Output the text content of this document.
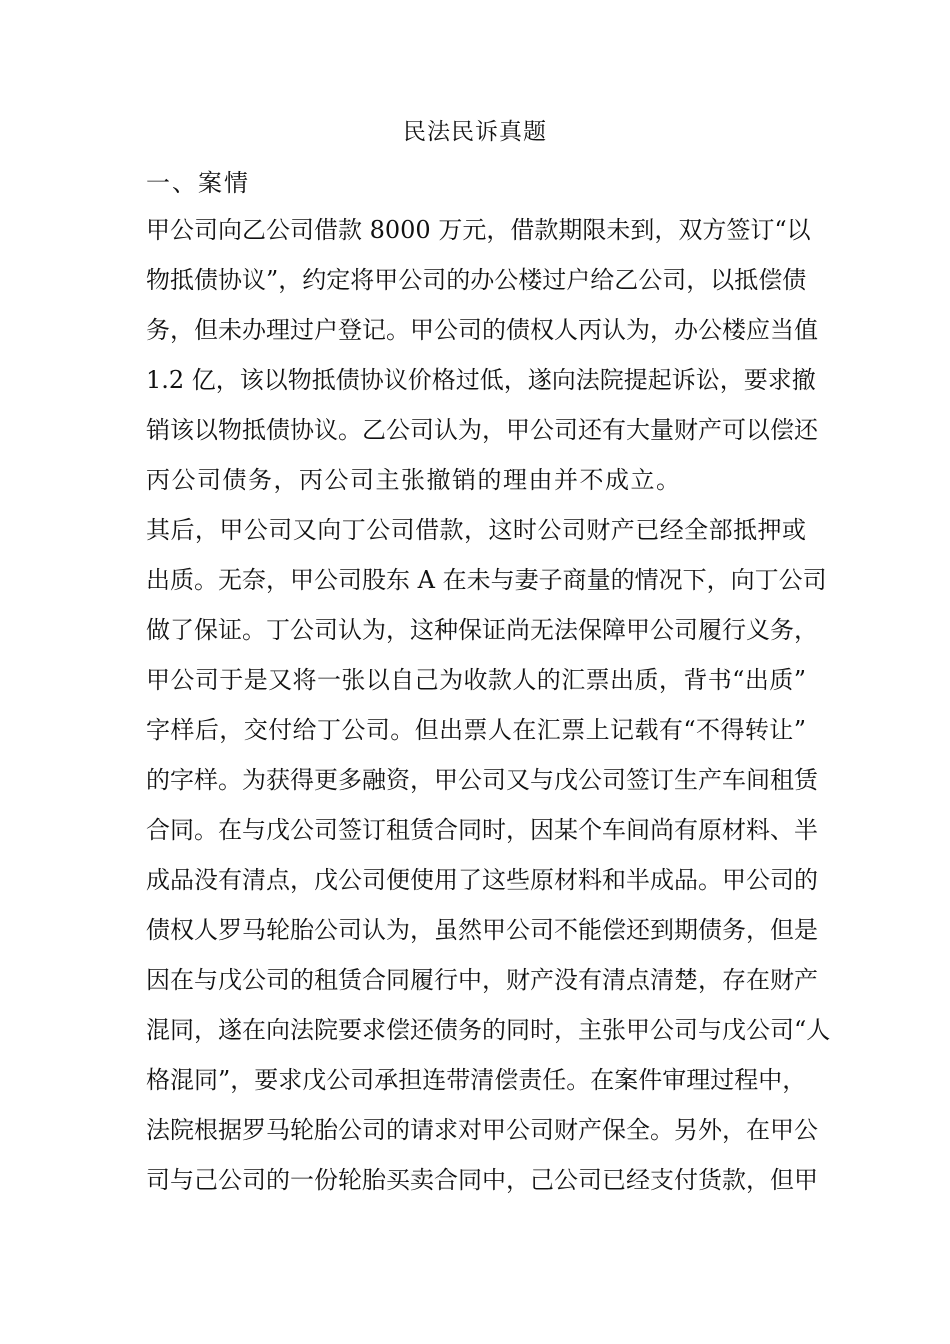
民法民诉真题
一、案情
甲公司向乙公司借款 8000 万元，借款期限未到，双方签订“以
物抵债协议”，约定将甲公司的办公楼过户给乙公司，以抵偿债
务，但未办理过户登记。甲公司的债权人丙认为，办公楼应当值
1.2 亿，该以物抵债协议价格过低，遂向法院提起诉讼，要求撤
销该以物抵债协议。乙公司认为，甲公司还有大量财产可以偿还
丙公司债务，丙公司主张撤销的理由并不成立。
其后，甲公司又向丁公司借款，这时公司财产已经全部抵押或
出质。无奈，甲公司股东 A 在未与妻子商量的情况下，向丁公司
做了保证。丁公司认为，这种保证尚无法保障甲公司履行义务，
甲公司于是又将一张以自己为收款人的汇票出质，背书“出质”
字样后，交付给丁公司。但出票人在汇票上记载有“不得转让”
的字样。为获得更多融资，甲公司又与戊公司签订生产车间租赁
合同。在与戊公司签订租赁合同时，因某个车间尚有原材料、半
成品没有清点，戊公司便使用了这些原材料和半成品。甲公司的
债权人罗马轮胎公司认为，虽然甲公司不能偿还到期债务，但是
因在与戊公司的租赁合同履行中，财产没有清点清楚，存在财产
混同，遂在向法院要求偿还债务的同时，主张甲公司与戊公司“人
格混同”，要求戊公司承担连带清偿责任。在案件审理过程中，
法院根据罗马轮胎公司的请求对甲公司财产保全。另外，在甲公
司与己公司的一份轮胎买卖合同中，己公司已经支付货款，但甲
